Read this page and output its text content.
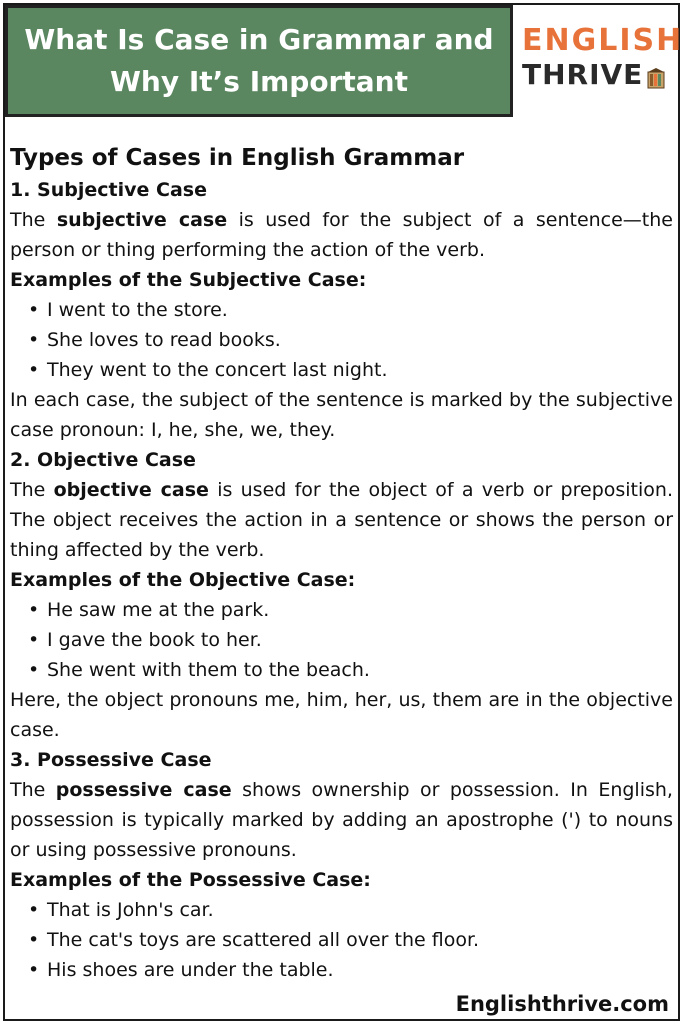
What Is Case in Grammar and Why It’s Important
ENGLISH
THRIVE

Types of Cases in English Grammar

1. Subjective Case

The subjective case is used for the subject of a sentence—the person or thing performing the action of the verb.

Examples of the Subjective Case:

• I went to the store.
• She loves to read books.
• They went to the concert last night.

In each case, the subject of the sentence is marked by the subjective case pronoun: I, he, she, we, they.

2. Objective Case

The objective case is used for the object of a verb or preposition. The object receives the action in a sentence or shows the person or thing affected by the verb.

Examples of the Objective Case:

• He saw me at the park.
• I gave the book to her.
• She went with them to the beach.

Here, the object pronouns me, him, her, us, them are in the objective case.

3. Possessive Case

The possessive case shows ownership or possession. In English, possession is typically marked by adding an apostrophe (') to nouns or using possessive pronouns.

Examples of the Possessive Case:

• That is John's car.
• The cat's toys are scattered all over the floor.
• His shoes are under the table.
Englishthrive.com
